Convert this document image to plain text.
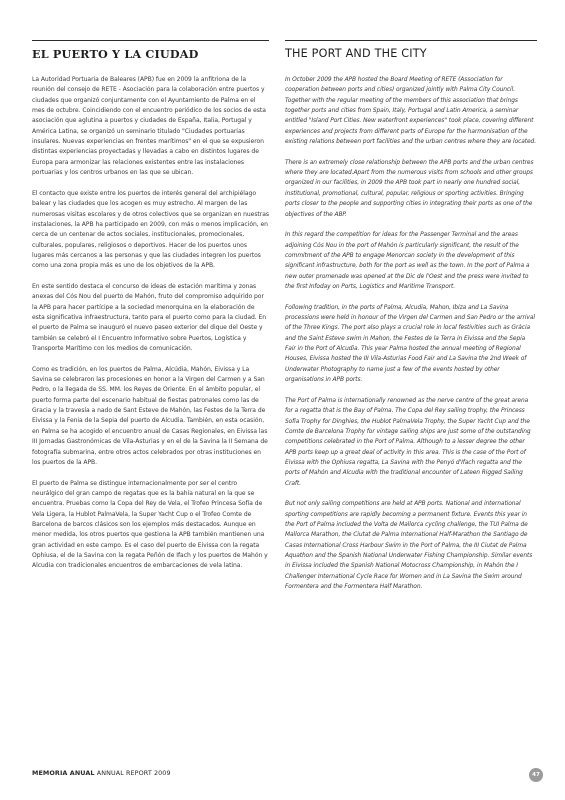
EL PUERTO Y LA CIUDAD

La Autoridad Portuaria de Baleares (APB) fue en 2009 la anfitriona de la reunión del consejo de RETE - Asociación para la colaboración entre puertos y ciudades que organizó conjuntamente con el Ayuntamiento de Palma en el mes de octubre. Coincidiendo con el encuentro periódico de los socios de esta asociación que aglutina a puertos y ciudades de España, Italia, Portugal y América Latina, se organizó un seminario titulado "Ciudades portuarias insulares. Nuevas experiencias en frentes marítimos" en el que se expusieron distintas experiencias proyectadas y llevadas a cabo en distintos lugares de Europa para armonizar las relaciones existentes entre las instalaciones portuarias y los centros urbanos en las que se ubican.

El contacto que existe entre los puertos de interés general del archipiélago balear y las ciudades que los acogen es muy estrecho. Al margen de las numerosas visitas escolares y de otros colectivos que se organizan en nuestras instalaciones, la APB ha participado en 2009, con más o menos implicación, en cerca de un centenar de actos sociales, institucionales, promocionales, culturales, populares, religiosos o deportivos. Hacer de los puertos unos lugares más cercanos a las personas y que las ciudades integren los puertos como una zona propia más es uno de los objetivos de la APB.

En este sentido destaca el concurso de ideas de estación marítima y zonas anexas del Cós Nou del puerto de Mahón, fruto del compromiso adquirido por la APB para hacer partícipe a la sociedad menorquina en la elaboración de esta significativa infraestructura, tanto para el puerto como para la ciudad. En el puerto de Palma se inauguró el nuevo paseo exterior del dique del Oeste y también se celebró el I Encuentro Informativo sobre Puertos, Logística y Transporte Marítimo con los medios de comunicación.

Como es tradición, en los puertos de Palma, Alcúdia, Mahón, Eivissa y La Savina se celebraron las procesiones en honor a la Virgen del Carmen y a San Pedro, o la llegada de SS. MM. los Reyes de Oriente. En el ámbito popular, el puerto forma parte del escenario habitual de fiestas patronales como las de Gracia y la travesía a nado de Sant Esteve de Mahón, las Festes de la Terra de Eivissa y la Fenia de la Sepia del puerto de Alcudia. También, en esta ocasión, en Palma se ha acogido el encuentro anual de Casas Regionales, en Eivissa las III Jornadas Gastronómicas de Vila-Asturias y en el de la Savina la II Semana de fotografía submarina, entre otros actos celebrados por otras instituciones en los puertos de la APB.

El puerto de Palma se distingue internacionalmente por ser el centro neurálgico del gran campo de regatas que es la bahía natural en la que se encuentra. Pruebas como la Copa del Rey de Vela, el Trofeo Princesa Sofía de Vela Ligera, la Hublot PalmaVela, la Super Yacht Cup o el Trofeo Comte de Barcelona de barcos clásicos son los ejemplos más destacados. Aunque en menor medida, los otros puertos que gestiona la APB también mantienen una gran actividad en este campo. Es el caso del puerto de Eivissa con la regata Ophiusa, el de la Savina con la regata Peñón de Ifach y los puertos de Mahón y Alcudia con tradicionales encuentros de embarcaciones de vela latina.

THE PORT AND THE CITY

In October 2009 the APB hosted the Board Meeting of RETE (Association for cooperation between ports and cities) organized jointly with Palma City Council. Together with the regular meeting of the members of this association that brings together ports and cities from Spain, Italy, Portugal and Latin America, a seminar entitled "Island Port Cities. New waterfront experiences" took place, covering different experiences and projects from different parts of Europe for the harmonisation of the existing relations between port facilities and the urban centres where they are located.

There is an extremely close relationship between the APB ports and the urban centres where they are located.Apart from the numerous visits from schools and other groups organized in our facilities, in 2009 the APB took part in nearly one hundred social, institutional, promotional, cultural, popular, religious or sporting activities. Bringing ports closer to the people and supporting cities in integrating their ports as one of the objectives of the ABP.

In this regard the competition for ideas for the Passenger Terminal and the areas adjoining Cós Nou in the port of Mahón is particularly significant, the result of the commitment of the APB to engage Menorcan society in the development of this significant infrastructure, both for the port as well as the town. In the port of Palma a new outer promenade was opened at the Dic de l'Oest and the press were invited to the first Infoday on Ports, Logistics and Maritime Transport.

Following tradition, in the ports of Palma, Alcudia, Mahon, Ibiza and La Savina processions were held in honour of the Virgen del Carmen and San Pedro or the arrival of the Three Kings. The port also plays a crucial role in local festivities such as Gràcia and the Saint Esteve swim in Mahon, the Festes de la Terra in Eivissa and the Sepia Fair in the Port of Alcudia. This year Palma hosted the annual meeting of Regional Houses, Eivissa hosted the III Vila-Asturias Food Fair and La Savina the 2nd Week of Underwater Photography to name just a few of the events hosted by other organisations in APB ports.

The Port of Palma is internationally renowned as the nerve centre of the great arena for a regatta that is the Bay of Palma. The Copa del Rey sailing trophy, the Princess Sofia Trophy for Dinghies, the Hublot PalmaVela Trophy, the Super Yacht Cup and the Comte de Barcelona Trophy for vintage sailing ships are just some of the outstanding competitions celebrated in the Port of Palma. Although to a lesser degree the other APB ports keep up a great deal of activity in this area. This is the case of the Port of Eivissa with the Ophiusa regatta, La Savina with the Penyó d'Ifach regatta and the ports of Mahón and Alcudia with the traditional encounter of Lateen Rigged Sailing Craft.

But not only sailing competitions are held at APB ports. National and international sporting competitions are rapidly becoming a permanent fixture. Events this year in the Port of Palma included the Volta de Mallorca cycling challenge, the TUI Palma de Mallorca Marathon, the Ciutat de Palma International Half-Marathon the Santiago de Casas International Cross Harbour Swim in the Port of Palma, the III Ciutat de Palma Aquathon and the Spanish National Underwater Fishing Championship. Similar events in Eivissa included the Spanish National Motocross Championship, in Mahón the I Challenger International Cycle Race for Women and in La Savina the Swim around Formentera and the Formentera Half Marathon.

MEMORIA ANUAL ANNUAL REPORT 2009	47
